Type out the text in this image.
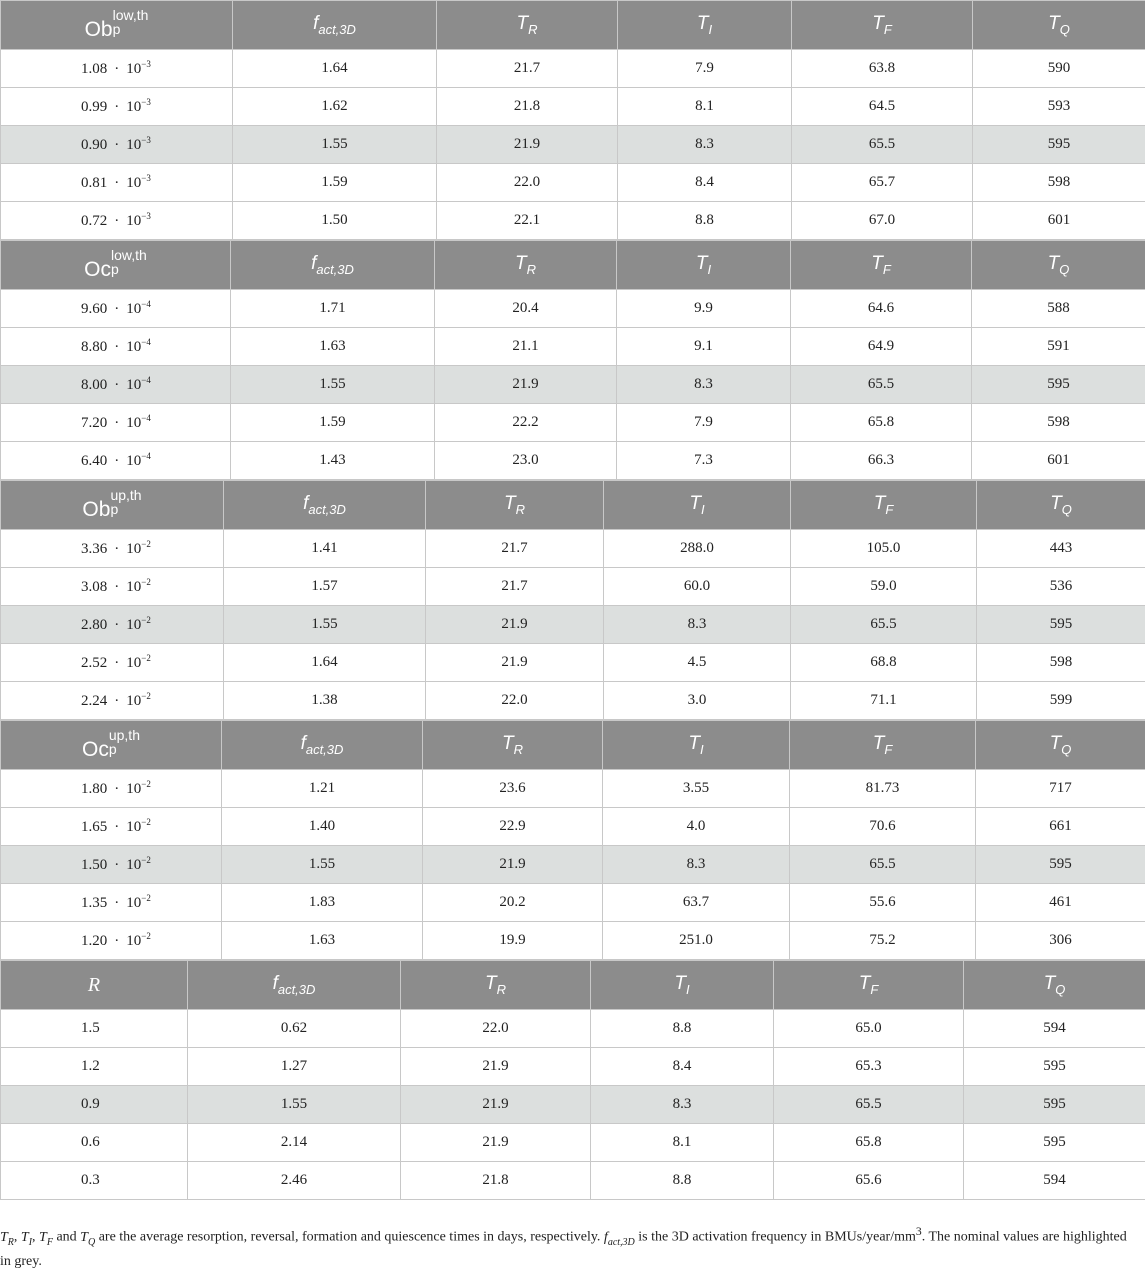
Ob
low,th
p	$f_{act,3D}$	$T_R$	$T_I$	$T_F$	$T_Q$
$1.08 \cdot 10^{-3}$	1.64	21.7	7.9	63.8	590
$0.99 \cdot 10^{-3}$	1.62	21.8	8.1	64.5	593
$0.90 \cdot 10^{-3}$	1.55	21.9	8.3	65.5	595
$0.81 \cdot 10^{-3}$	1.59	22.0	8.4	65.7	598
$0.72 \cdot 10^{-3}$	1.50	22.1	8.8	67.0	601
Oc
low,th
p	$f_{act,3D}$	$T_R$	$T_I$	$T_F$	$T_Q$
$9.60 \cdot 10^{-4}$	1.71	20.4	9.9	64.6	588
$8.80 \cdot 10^{-4}$	1.63	21.1	9.1	64.9	591
$8.00 \cdot 10^{-4}$	1.55	21.9	8.3	65.5	595
$7.20 \cdot 10^{-4}$	1.59	22.2	7.9	65.8	598
$6.40 \cdot 10^{-4}$	1.43	23.0	7.3	66.3	601
Ob
up,th
p	$f_{act,3D}$	$T_R$	$T_I$	$T_F$	$T_Q$
$3.36 \cdot 10^{-2}$	1.41	21.7	288.0	105.0	443
$3.08 \cdot 10^{-2}$	1.57	21.7	60.0	59.0	536
$2.80 \cdot 10^{-2}$	1.55	21.9	8.3	65.5	595
$2.52 \cdot 10^{-2}$	1.64	21.9	4.5	68.8	598
$2.24 \cdot 10^{-2}$	1.38	22.0	3.0	71.1	599
Oc
up,th
p	$f_{act,3D}$	$T_R$	$T_I$	$T_F$	$T_Q$
$1.80 \cdot 10^{-2}$	1.21	23.6	3.55	81.73	717
$1.65 \cdot 10^{-2}$	1.40	22.9	4.0	70.6	661
$1.50 \cdot 10^{-2}$	1.55	21.9	8.3	65.5	595
$1.35 \cdot 10^{-2}$	1.83	20.2	63.7	55.6	461
$1.20 \cdot 10^{-2}$	1.63	19.9	251.0	75.2	306
R	$f_{act,3D}$	$T_R$	$T_I$	$T_F$	$T_Q$
1.5	0.62	22.0	8.8	65.0	594
1.2	1.27	21.9	8.4	65.3	595
0.9	1.55	21.9	8.3	65.5	595
0.6	2.14	21.9	8.1	65.8	595
0.3	2.46	21.8	8.8	65.6	594
$T_R$, $T_I$, $T_F$ and $T_Q$ are the average resorption, reversal, formation and quiescence times in days, respectively. $f_{act,3D}$ is the 3D activation frequency in BMUs/$year/mm^3$. The nominal values are highlighted in grey.
